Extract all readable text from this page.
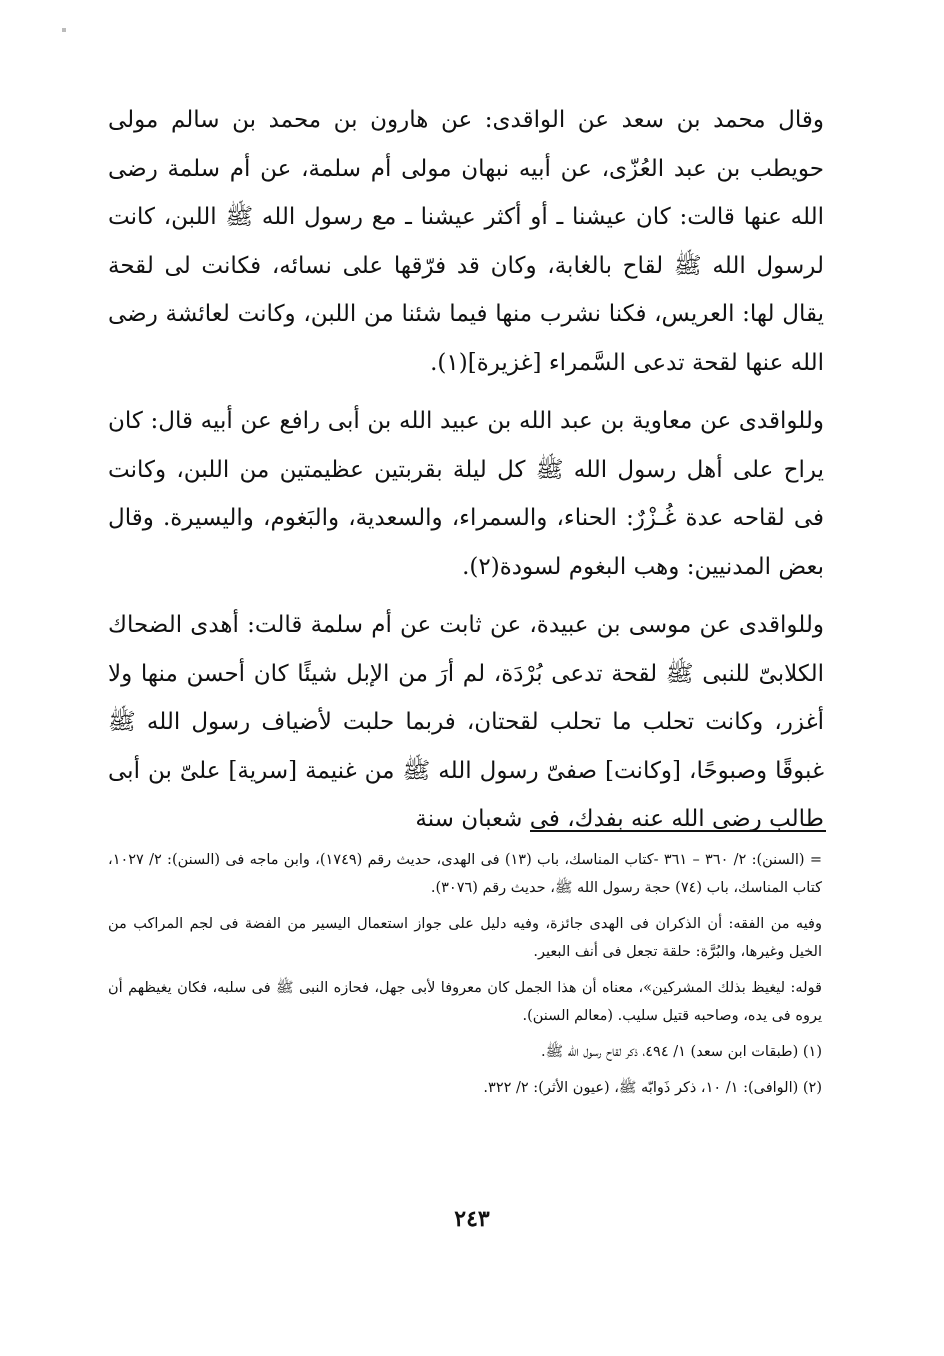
وقال محمد بن سعد عن الواقدى: عن هارون بن محمد بن سالم مولى حويطب بن عبد العُزّى، عن أبيه نبهان مولى أم سلمة، عن أم سلمة رضى الله عنها قالت: كان عيشنا ـ أو أكثر عيشنا ـ مع رسول الله ﷺ اللبن، كانت لرسول الله ﷺ لقاح بالغابة، وكان قد فرّقها على نسائه، فكانت لى لقحة يقال لها: العريس، فكنا نشرب منها فيما شئنا من اللبن، وكانت لعائشة رضى الله عنها لقحة تدعى السَّمراء [غزيرة](١).

وللواقدى عن معاوية بن عبد الله بن عبيد الله بن أبى رافع عن أبيه قال: كان يراح على أهل رسول الله ﷺ كل ليلة بقربتين عظيمتين من اللبن، وكانت فى لقاحه عدة غُـزْرٌ: الحناء، والسمراء، والسعدية، والبَغوم، واليسيرة. وقال بعض المدنيين: وهب البغوم لسودة(٢).

وللواقدى عن موسى بن عبيدة، عن ثابت عن أم سلمة قالت: أهدى الضحاك الكلابىّ للنبى ﷺ لقحة تدعى بُرْدَة، لم أرَ من الإبل شيئًا كان أحسن منها ولا أغزر، وكانت تحلب ما تحلب لقحتان، فربما حلبت لأضياف رسول الله ﷺ غبوقًا وصبوحًا، [وكانت] صفىّ رسول الله ﷺ من غنيمة [سرية] علىّ بن أبى طالب رضى الله عنه بفدك، فى شعبان سنة

= (السنن): ٢/ ٣٦٠ – ٣٦١ -كتاب المناسك، باب (١٣) فى الهدى، حديث رقم (١٧٤٩)، وابن ماجه فى (السنن): ٢/ ١٠٢٧، كتاب المناسك، باب (٧٤) حجة رسول الله ﷺ، حديث رقم (٣٠٧٦).

وفيه من الفقه: أن الذكران فى الهدى جائزة، وفيه دليل على جواز استعمال اليسير من الفضة فى لجم المراكب من الخيل وغيرها، والبُرَّة: حلقة تجعل فى أنف البعير.

قوله: ليغيظ بذلك المشركين»، معناه أن هذا الجمل كان معروفا لأبى جهل، فحازه النبى ﷺ فى سلبه، فكان يغيظهم أن يروه فى يده، وصاحبه قتيل سليب. (معالم السنن).

(١) (طبقات ابن سعد) ١/ ٤٩٤، ذكر لقاح رسول الله ﷺ.

(٢) (الوافى): ١/ ١٠، ذكر ذَوابّه ﷺ، (عيون الأثر): ٢/ ٣٢٢.

٢٤٣
